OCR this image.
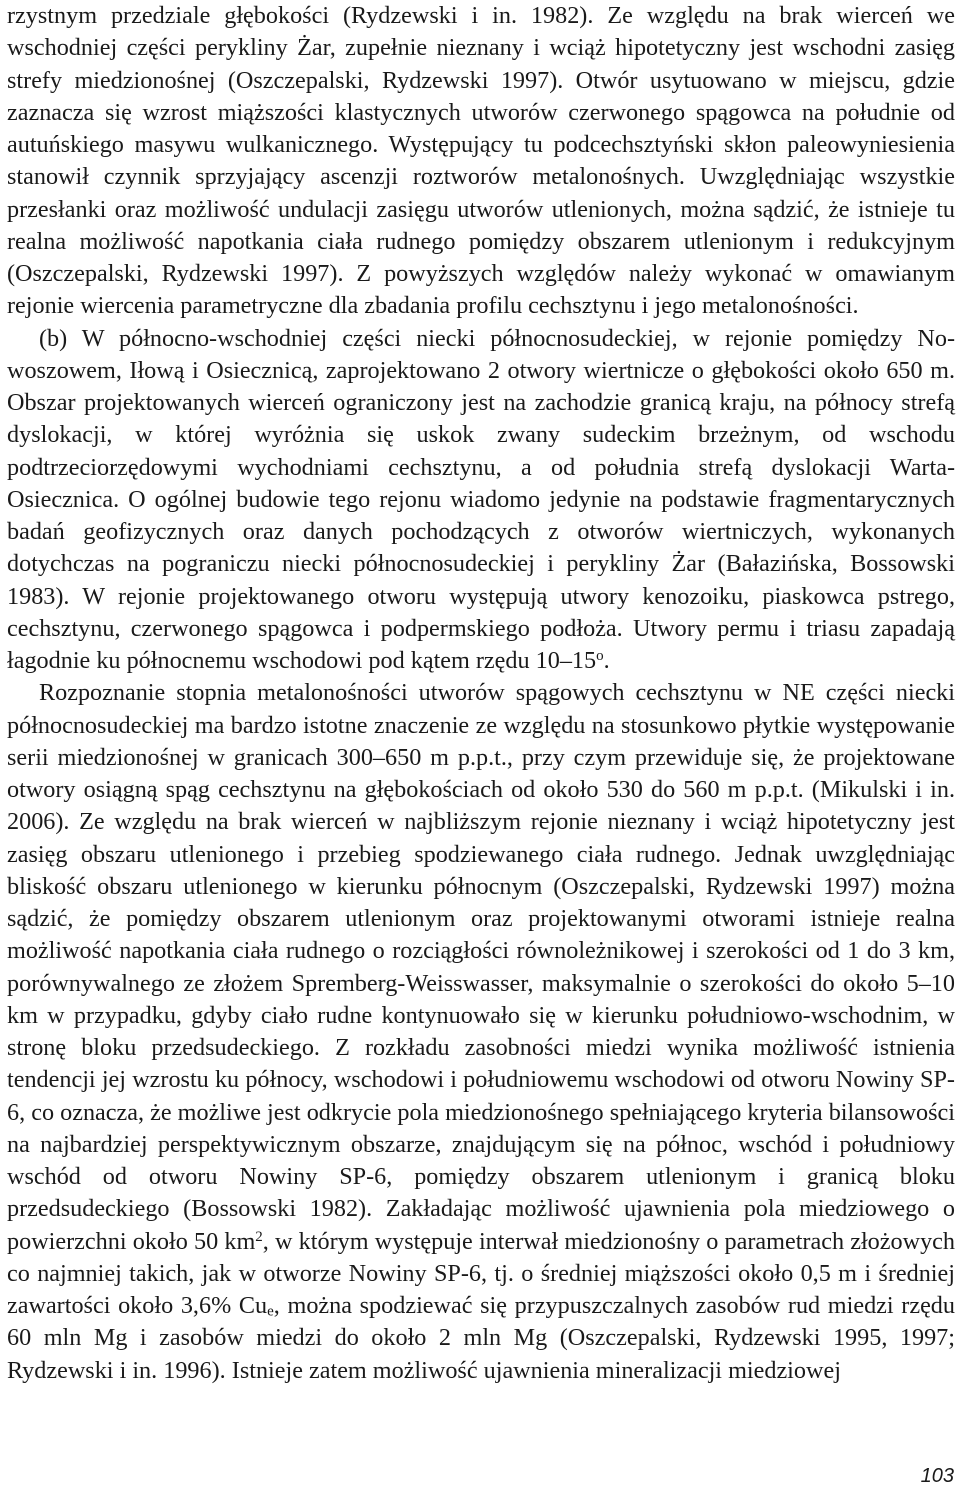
rzystnym przedziale głębokości (Rydzewski i in. 1982). Ze względu na brak wierceń we wschodniej części perykliny Żar, zupełnie nieznany i wciąż hipotetyczny jest wschodni zasięg strefy miedzionośnej (Oszczepalski, Rydzewski 1997). Otwór usytuowano w miejscu, gdzie zaznacza się wzrost miąższości klastycznych utworów czerwonego spągowca na południe od autuńskiego masywu wulkanicznego. Występujący tu podcechsztyński skłon paleowyniesienia stanowił czynnik sprzyjający ascenzji roztworów metalonośnych. Uwzględniając wszystkie przesłanki oraz możliwość undulacji zasięgu utworów utlenionych, można sądzić, że istnieje tu realna możliwość napotkania ciała rudnego pomiędzy obszarem utlenionym i redukcyjnym (Oszczepalski, Rydzewski 1997). Z powyższych względów należy wykonać w omawianym rejonie wiercenia parametryczne dla zbadania profilu cechsztynu i jego metalonośności.

(b) W północno-wschodniej części niecki północnosudeckiej, w rejonie pomiędzy Nowoszowem, Iłową i Osiecznicą, zaprojektowano 2 otwory wiertnicze o głębokości około 650 m. Obszar projektowanych wierceń ograniczony jest na zachodzie granicą kraju, na północy strefą dyslokacji, w której wyróżnia się uskok zwany sudeckim brzeżnym, od wschodu podtrzeciorzędowymi wychodniami cechsztynu, a od południa strefą dyslokacji Warta-Osiecznica. O ogólnej budowie tego rejonu wiadomo jedynie na podstawie fragmentarycznych badań geofizycznych oraz danych pochodzących z otworów wiertniczych, wykonanych dotychczas na pograniczu niecki północnosudeckiej i perykliny Żar (Bałazińska, Bossowski 1983). W rejonie projektowanego otworu występują utwory kenozoiku, piaskowca pstrego, cechsztynu, czerwonego spągowca i podpermskiego podłoża. Utwory permu i triasu zapadają łagodnie ku północnemu wschodowi pod kątem rzędu 10–15$^o$.

Rozpoznanie stopnia metalonośności utworów spągowych cechsztynu w NE części niecki północnosudeckiej ma bardzo istotne znaczenie ze względu na stosunkowo płytkie występowanie serii miedzionośnej w granicach 300–650 m p.p.t., przy czym przewiduje się, że projektowane otwory osiągną spąg cechsztynu na głębokościach od około 530 do 560 m p.p.t. (Mikulski i in. 2006). Ze względu na brak wierceń w najbliższym rejonie nieznany i wciąż hipotetyczny jest zasięg obszaru utlenionego i przebieg spodziewanego ciała rudnego. Jednak uwzględniając bliskość obszaru utlenionego w kierunku północnym (Oszczepalski, Rydzewski 1997) można sądzić, że pomiędzy obszarem utlenionym oraz projektowanymi otworami istnieje realna możliwość napotkania ciała rudnego o rozciągłości równoleżnikowej i szerokości od 1 do 3 km, porównywalnego ze złożem Spremberg-Weisswasser, maksymalnie o szerokości do około 5–10 km w przypadku, gdyby ciało rudne kontynuowało się w kierunku południowo-wschodnim, w stronę bloku przedsudeckiego. Z rozkładu zasobności miedzi wynika możliwość istnienia tendencji jej wzrostu ku północy, wschodowi i południowemu wschodowi od otworu Nowiny SP-6, co oznacza, że możliwe jest odkrycie pola miedzionośnego spełniającego kryteria bilansowości na najbardziej perspektywicznym obszarze, znajdującym się na północ, wschód i południowy wschód od otworu Nowiny SP-6, pomiędzy obszarem utlenionym i granicą bloku przedsudeckiego (Bossowski 1982). Zakładając możliwość ujawnienia pola miedziowego o powierzchni około 50 $km^2$, w którym występuje interwał miedzionośny o parametrach złożowych co najmniej takich, jak w otworze Nowiny SP-6, tj. o średniej miąższości około 0,5 m i średniej zawartości około 3,6% $Cu_e$, można spodziewać się przypuszczalnych zasobów rud miedzi rzędu 60 mln Mg i zasobów miedzi do około 2 mln Mg (Oszczepalski, Rydzewski 1995, 1997; Rydzewski i in. 1996). Istnieje zatem możliwość ujawnienia mineralizacji miedziowej

103
